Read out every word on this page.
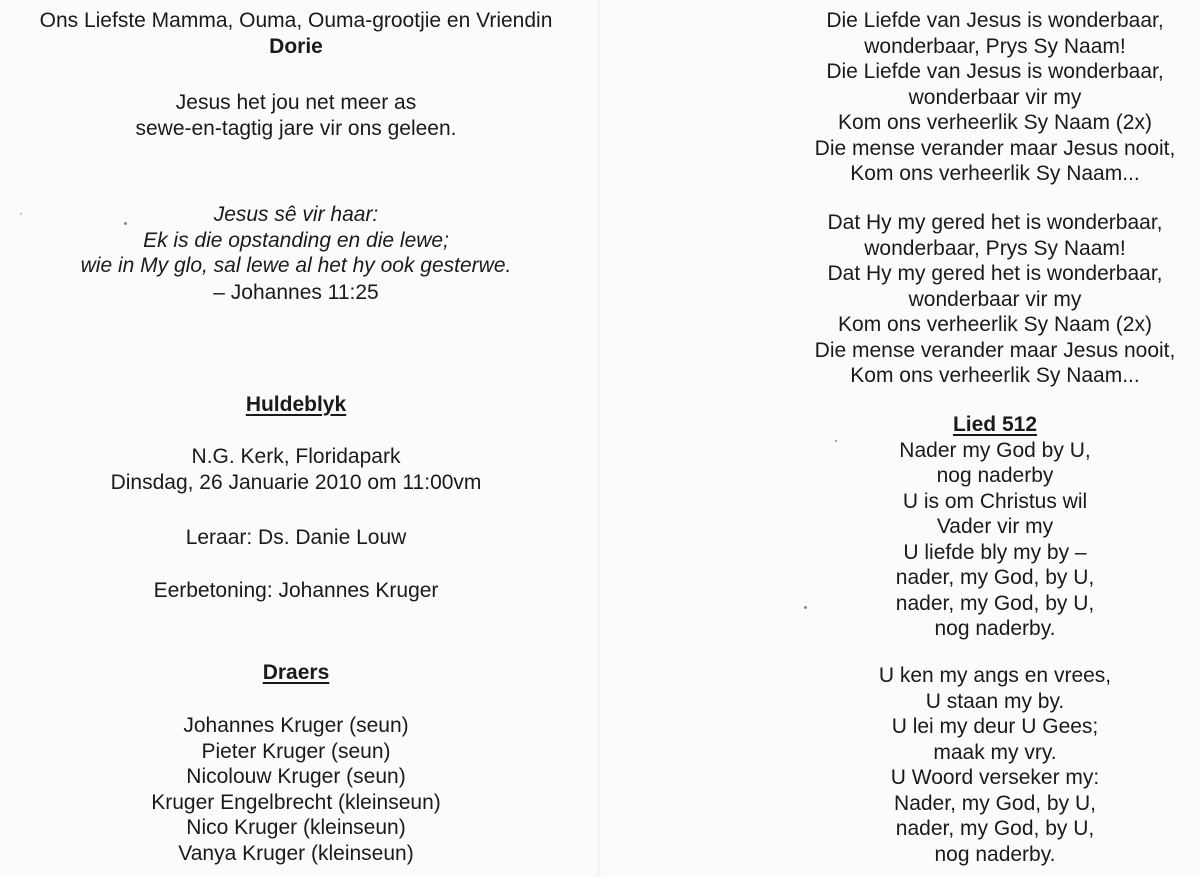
Ons Liefste Mamma, Ouma, Ouma-grootjie en Vriendin
Dorie
Jesus het jou net meer as
sewe-en-tagtig jare vir ons geleen.
Jesus sê vir haar:
Ek is die opstanding en die lewe;
wie in My glo, sal lewe al het hy ook gesterwe.
– Johannes 11:25
Huldeblyk
N.G. Kerk, Floridapark
Dinsdag, 26 Januarie 2010 om 11:00vm
Leraar: Ds. Danie Louw
Eerbetoning: Johannes Kruger
Draers
Johannes Kruger (seun)
Pieter Kruger (seun)
Nicolouw Kruger (seun)
Kruger Engelbrecht (kleinseun)
Nico Kruger (kleinseun)
Vanya Kruger (kleinseun)
Die Liefde van Jesus is wonderbaar,
wonderbaar, Prys Sy Naam!
Die Liefde van Jesus is wonderbaar,
wonderbaar vir my
Kom ons verheerlik Sy Naam (2x)
Die mense verander maar Jesus nooit,
Kom ons verheerlik Sy Naam...
Dat Hy my gered het is wonderbaar,
wonderbaar, Prys Sy Naam!
Dat Hy my gered het is wonderbaar,
wonderbaar vir my
Kom ons verheerlik Sy Naam (2x)
Die mense verander maar Jesus nooit,
Kom ons verheerlik Sy Naam...
Lied 512
Nader my God by U,
nog naderby
U is om Christus wil
Vader vir my
U liefde bly my by –
nader, my God, by U,
nader, my God, by U,
nog naderby.
U ken my angs en vrees,
U staan my by.
U lei my deur U Gees;
maak my vry.
U Woord verseker my:
Nader, my God, by U,
nader, my God, by U,
nog naderby.
